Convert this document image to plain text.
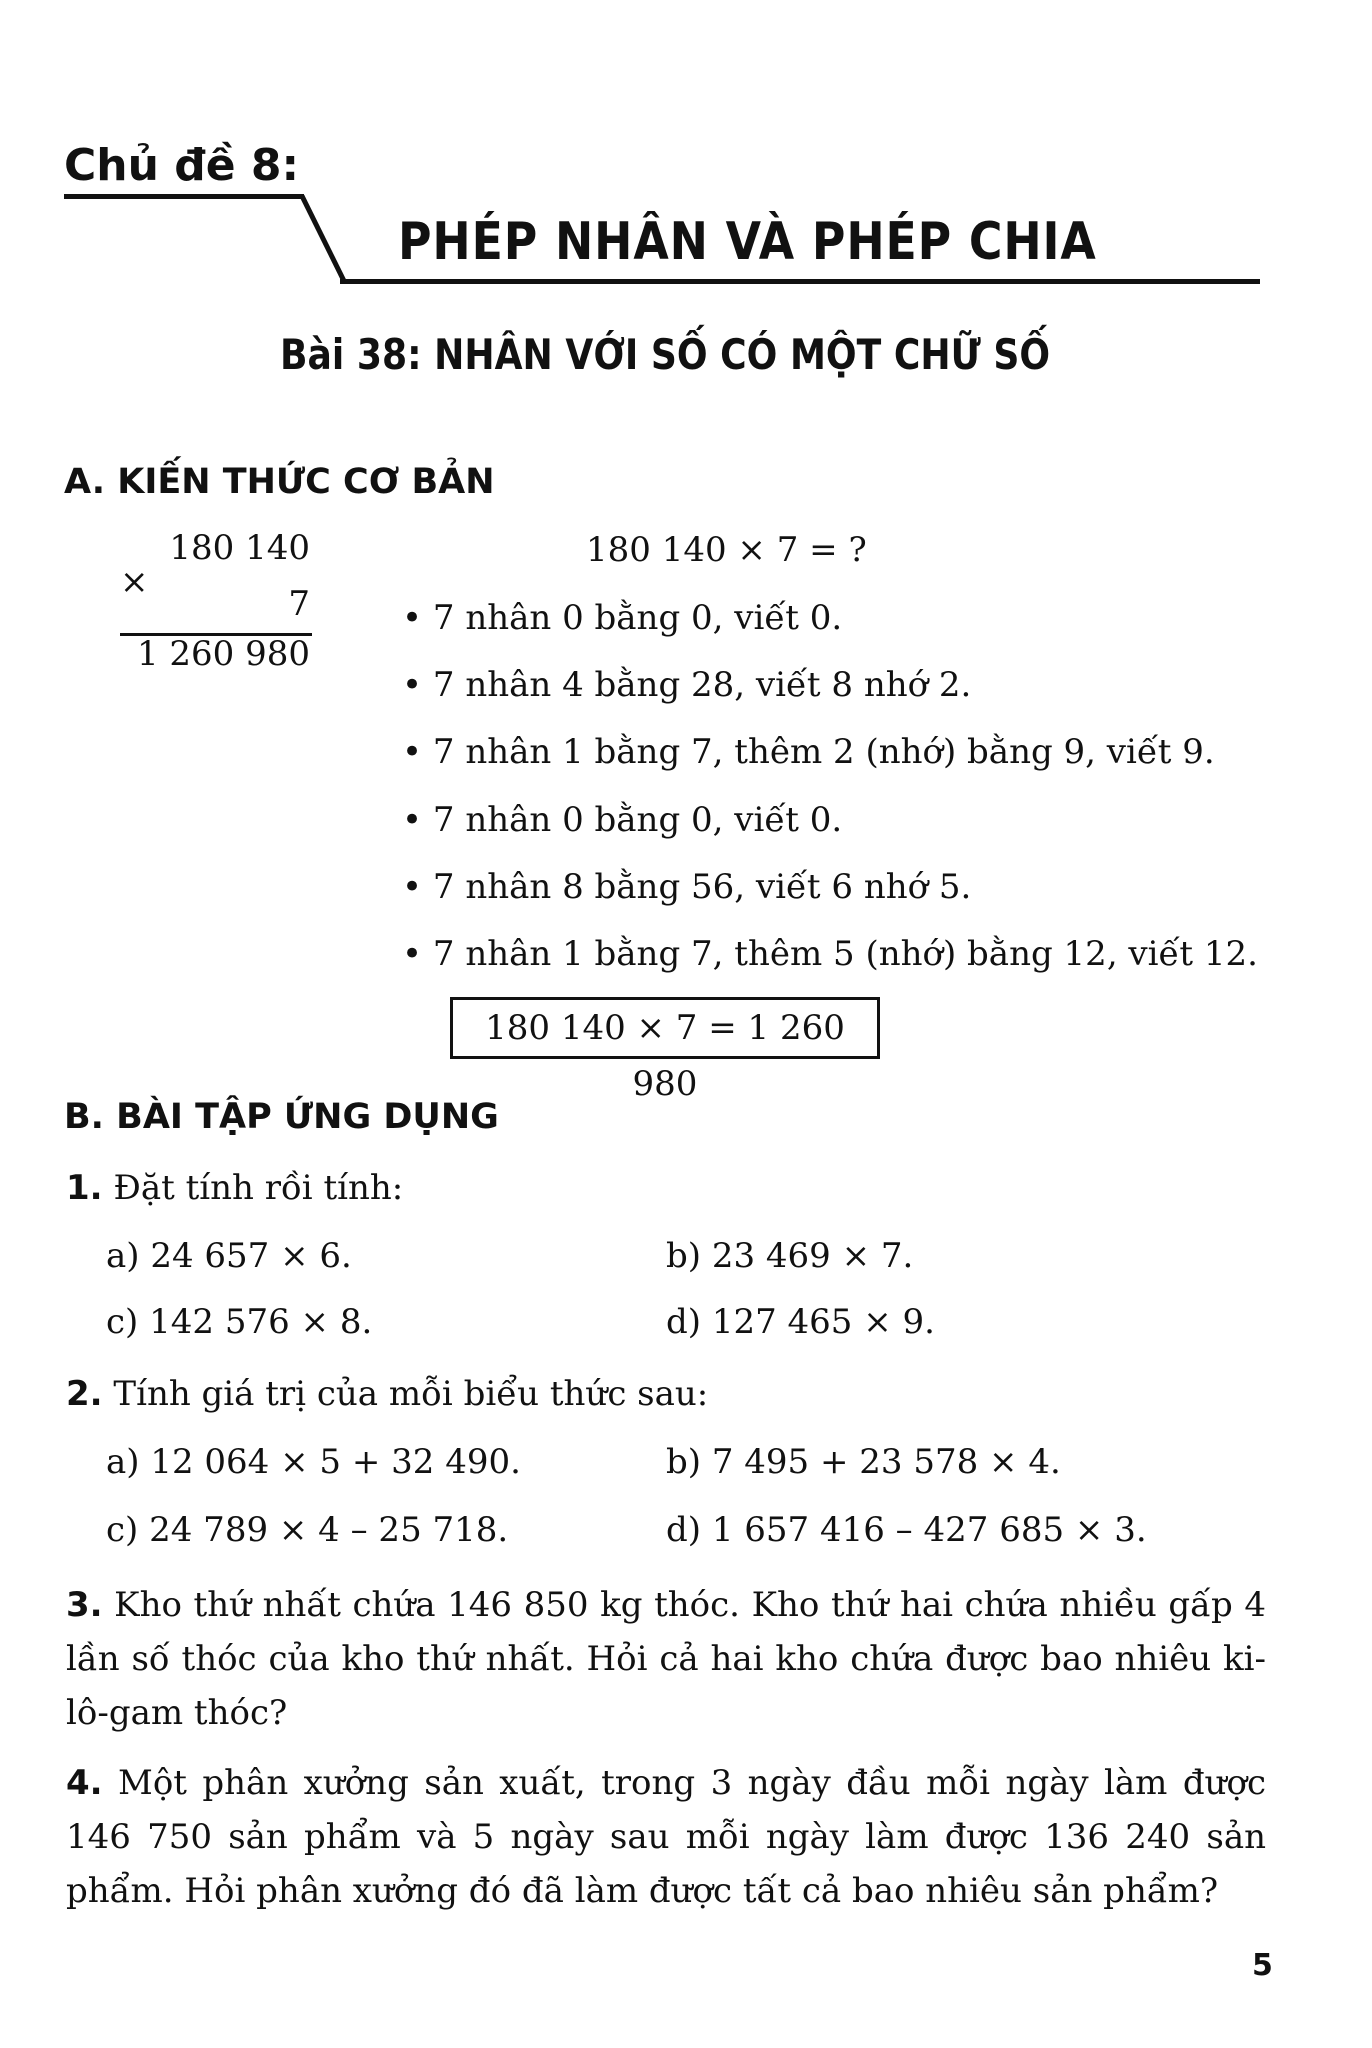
Chủ đề 8:
PHÉP NHÂN VÀ PHÉP CHIA
Bài 38: NHÂN VỚI SỐ CÓ MỘT CHỮ SỐ
A. KIẾN THỨC CƠ BẢN
×
180 140
7
1 260 980
180 140 × 7 = ?
• 7 nhân 0 bằng 0, viết 0.
• 7 nhân 4 bằng 28, viết 8 nhớ 2.
• 7 nhân 1 bằng 7, thêm 2 (nhớ) bằng 9, viết 9.
• 7 nhân 0 bằng 0, viết 0.
• 7 nhân 8 bằng 56, viết 6 nhớ 5.
• 7 nhân 1 bằng 7, thêm 5 (nhớ) bằng 12, viết 12.
180 140 × 7 = 1 260 980
B. BÀI TẬP ỨNG DỤNG
1. Đặt tính rồi tính:
a) 24 657 × 6.	b) 23 469 × 7.
c) 142 576 × 8.	d) 127 465 × 9.
2. Tính giá trị của mỗi biểu thức sau:
a) 12 064 × 5 + 32 490.	b) 7 495 + 23 578 × 4.
c) 24 789 × 4 – 25 718.	d) 1 657 416 – 427 685 × 3.
3. Kho thứ nhất chứa 146 850 kg thóc. Kho thứ hai chứa nhiều gấp 4 lần số thóc của kho thứ nhất. Hỏi cả hai kho chứa được bao nhiêu ki-lô-gam thóc?
4. Một phân xưởng sản xuất, trong 3 ngày đầu mỗi ngày làm được 146 750 sản phẩm và 5 ngày sau mỗi ngày làm được 136 240 sản phẩm. Hỏi phân xưởng đó đã làm được tất cả bao nhiêu sản phẩm?
5
